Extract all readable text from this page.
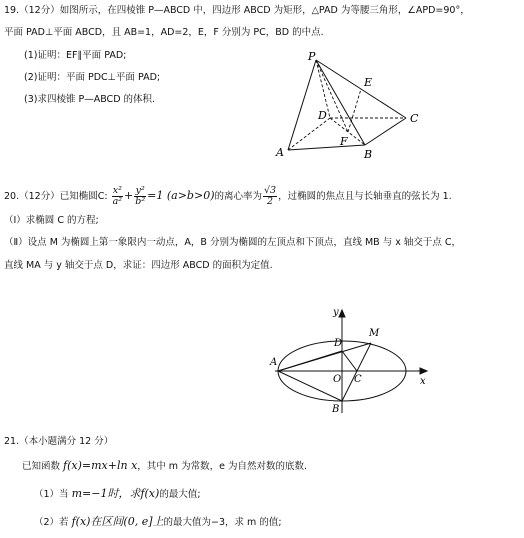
19.（12分）如图所示，在四棱锥 P—ABCD 中，四边形 ABCD 为矩形，△PAD 为等腰三角形，∠APD=90°，
平面 PAD⊥平面 ABCD，且 AB=1，AD=2，E，F 分别为 PC，BD 的中点.
(1)证明：EF∥平面 PAD;
(2)证明：平面 PDC⊥平面 PAD;
(3)求四棱锥 P—ABCD 的体积.
P
E
D	C
F
A	B
20.（12分）已知椭圆C: $\frac{\text{x²}}{\text{a²}} + \frac{\text{y²}}{\text{b²}} =1$ (a>b>0)的离心率为 $\frac{√3}{2}$ ，过椭圆的焦点且与长轴垂直的弦长为 1.
（Ⅰ）求椭圆 C 的方程;
（Ⅱ）设点 M 为椭圆上第一象限内一动点，A，B 分别为椭圆的左顶点和下顶点，直线 MB 与 x 轴交于点 C，
直线 MA 与 y 轴交于点 D，求证：四边形 ABCD 的面积为定值.
y
M
D
A
O C	x
B
21.（本小题满分 12 分）
已知函数 f(x)=mx+ln x，其中 m 为常数，e 为自然对数的底数.
（1）当 m=−1时，求f(x)的最大值;
（2）若 f(x)在区间(0, e]上的最大值为−3，求 m 的值;
